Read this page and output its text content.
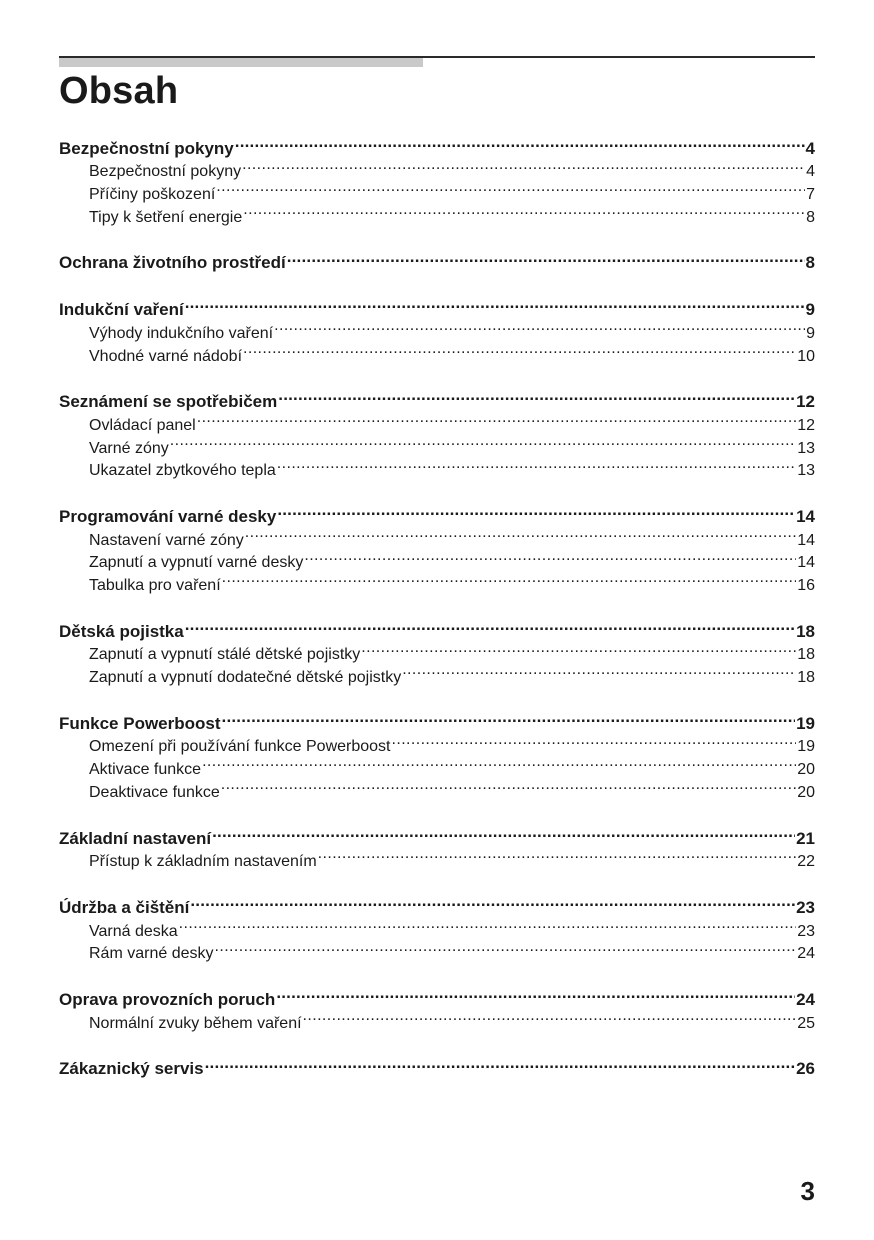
Obsah
Bezpečnostní pokyny .....	4
Bezpečnostní pokyny .....	4
Příčiny poškození .....	7
Tipy k šetření energie .....	8
Ochrana životního prostředí .....	8
Indukční vaření .....	9
Výhody indukčního vaření .....	9
Vhodné varné nádobí .....	10
Seznámení se spotřebičem .....	12
Ovládací panel .....	12
Varné zóny .....	13
Ukazatel zbytkového tepla .....	13
Programování varné desky .....	14
Nastavení varné zóny .....	14
Zapnutí a vypnutí varné desky .....	14
Tabulka pro vaření .....	16
Dětská pojistka .....	18
Zapnutí a vypnutí stálé dětské pojistky .....	18
Zapnutí a vypnutí dodatečné dětské pojistky .....	18
Funkce Powerboost .....	19
Omezení při používání funkce Powerboost .....	19
Aktivace funkce .....	20
Deaktivace funkce .....	20
Základní nastavení .....	21
Přístup k základním nastavením .....	22
Údržba a čištění .....	23
Varná deska .....	23
Rám varné desky .....	24
Oprava provozních poruch .....	24
Normální zvuky během vaření .....	25
Zákaznický servis .....	26
3
